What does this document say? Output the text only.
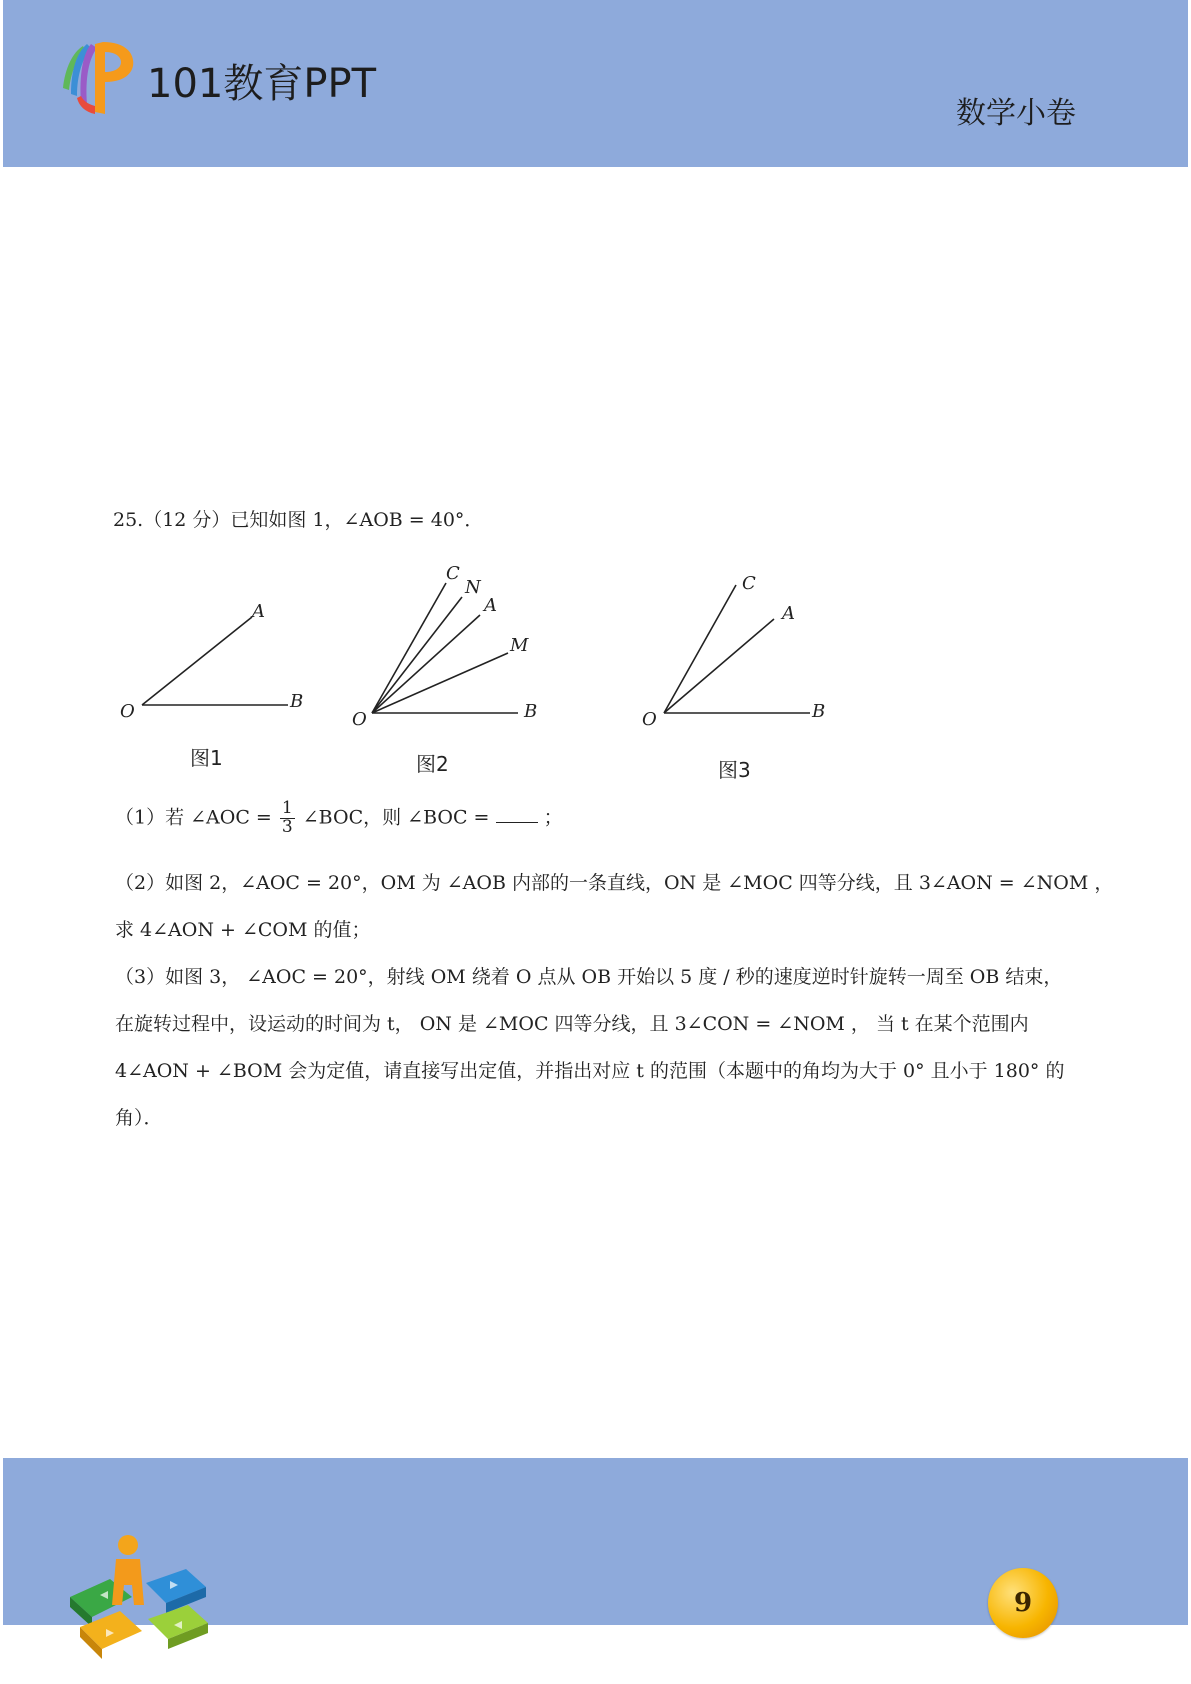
101教育PPT
数学小卷
25.（12 分）已知如图 1，∠AOB = 40°．
O
A
B
图1
O
C
N
A
M
B
图2
O
C
A
B
图3
（1）若 ∠AOC = $\frac{1}{3}$ ∠BOC，则 ∠BOC =	；
（2）如图 2，∠AOC = 20°，OM 为 ∠AOB 内部的一条直线，ON 是 ∠MOC 四等分线，且 3∠AON = ∠NOM ，
求 4∠AON + ∠COM 的值；
（3）如图 3， ∠AOC = 20°，射线 OM 绕着 O 点从 OB 开始以 5 度 / 秒的速度逆时针旋转一周至 OB 结束，
在旋转过程中，设运动的时间为 t， ON 是 ∠MOC 四等分线，且 3∠CON = ∠NOM ， 当 t 在某个范围内
4∠AON + ∠BOM 会为定值，请直接写出定值，并指出对应 t 的范围（本题中的角均为大于 0° 且小于 180° 的
角）．
9
